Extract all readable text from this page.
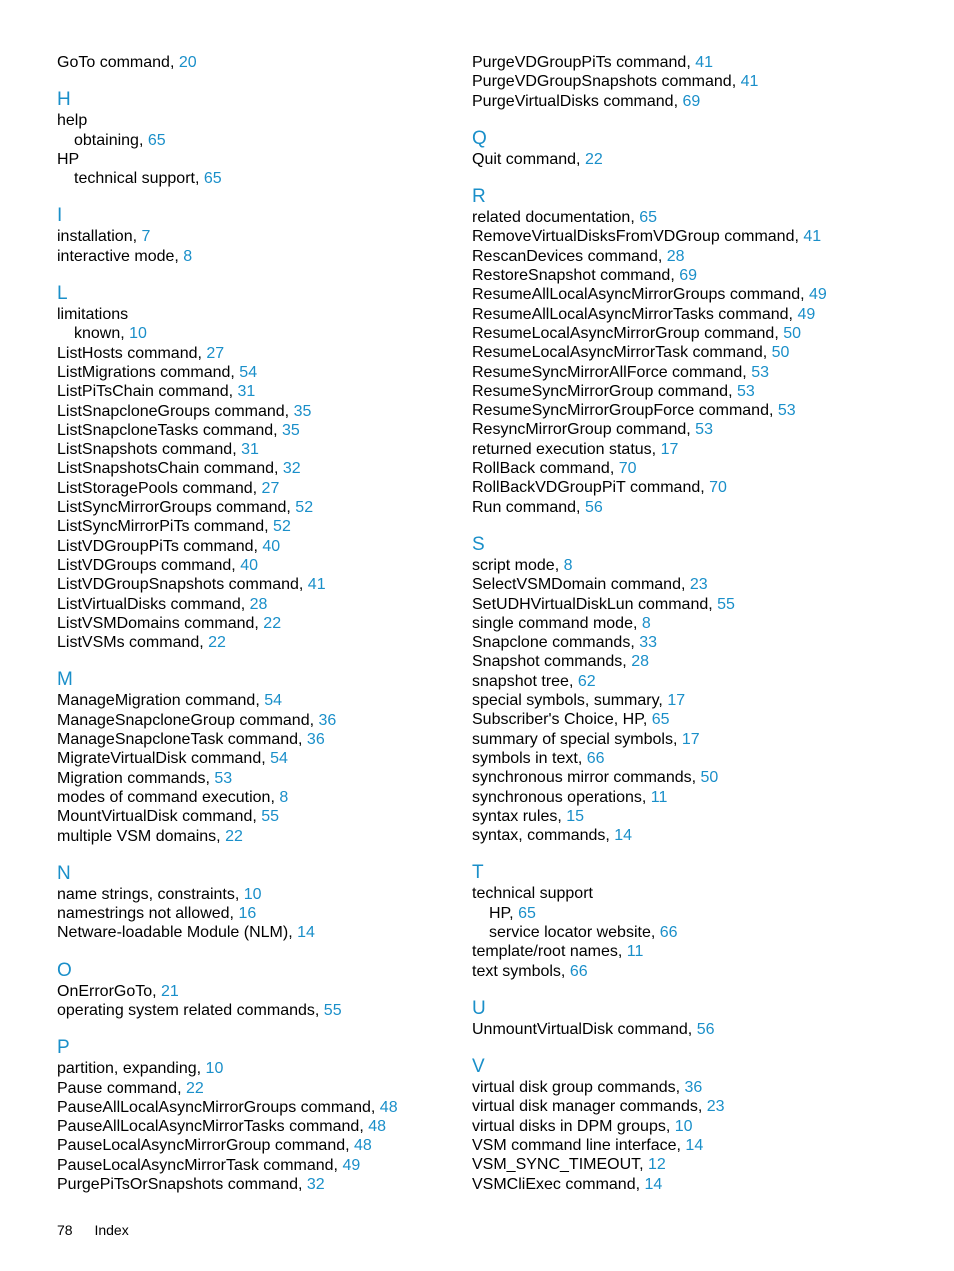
GoTo command, 20
H
help
obtaining, 65
HP
technical support, 65
I
installation, 7
interactive mode, 8
L
limitations
known, 10
ListHosts command, 27
ListMigrations command, 54
ListPiTsChain command, 31
ListSnapcloneGroups command, 35
ListSnapcloneTasks command, 35
ListSnapshots command, 31
ListSnapshotsChain command, 32
ListStoragePools command, 27
ListSyncMirrorGroups command, 52
ListSyncMirrorPiTs command, 52
ListVDGroupPiTs command, 40
ListVDGroups command, 40
ListVDGroupSnapshots command, 41
ListVirtualDisks command, 28
ListVSMDomains command, 22
ListVSMs command, 22
M
ManageMigration command, 54
ManageSnapcloneGroup command, 36
ManageSnapcloneTask command, 36
MigrateVirtualDisk command, 54
Migration commands, 53
modes of command execution, 8
MountVirtualDisk command, 55
multiple VSM domains, 22
N
name strings, constraints, 10
namestrings not allowed, 16
Netware-loadable Module (NLM), 14
O
OnErrorGoTo, 21
operating system related commands, 55
P
partition, expanding, 10
Pause command, 22
PauseAllLocalAsyncMirrorGroups command, 48
PauseAllLocalAsyncMirrorTasks command, 48
PauseLocalAsyncMirrorGroup command, 48
PauseLocalAsyncMirrorTask command, 49
PurgePiTsOrSnapshots command, 32
PurgeVDGroupPiTs command, 41
PurgeVDGroupSnapshots command, 41
PurgeVirtualDisks command, 69
Q
Quit command, 22
R
related documentation, 65
RemoveVirtualDisksFromVDGroup command, 41
RescanDevices command, 28
RestoreSnapshot command, 69
ResumeAllLocalAsyncMirrorGroups command, 49
ResumeAllLocalAsyncMirrorTasks command, 49
ResumeLocalAsyncMirrorGroup command, 50
ResumeLocalAsyncMirrorTask command, 50
ResumeSyncMirrorAllForce command, 53
ResumeSyncMirrorGroup command, 53
ResumeSyncMirrorGroupForce command, 53
ResyncMirrorGroup command, 53
returned execution status, 17
RollBack command, 70
RollBackVDGroupPiT command, 70
Run command, 56
S
script mode, 8
SelectVSMDomain command, 23
SetUDHVirtualDiskLun command, 55
single command mode, 8
Snapclone commands, 33
Snapshot commands, 28
snapshot tree, 62
special symbols, summary, 17
Subscriber's Choice, HP, 65
summary of special symbols, 17
symbols in text, 66
synchronous mirror commands, 50
synchronous operations, 11
syntax rules, 15
syntax, commands, 14
T
technical support
HP, 65
service locator website, 66
template/root names, 11
text symbols, 66
U
UnmountVirtualDisk command, 56
V
virtual disk group commands, 36
virtual disk manager commands, 23
virtual disks in DPM groups, 10
VSM command line interface, 14
VSM_SYNC_TIMEOUT, 12
VSMCliExec command, 14
78 Index
